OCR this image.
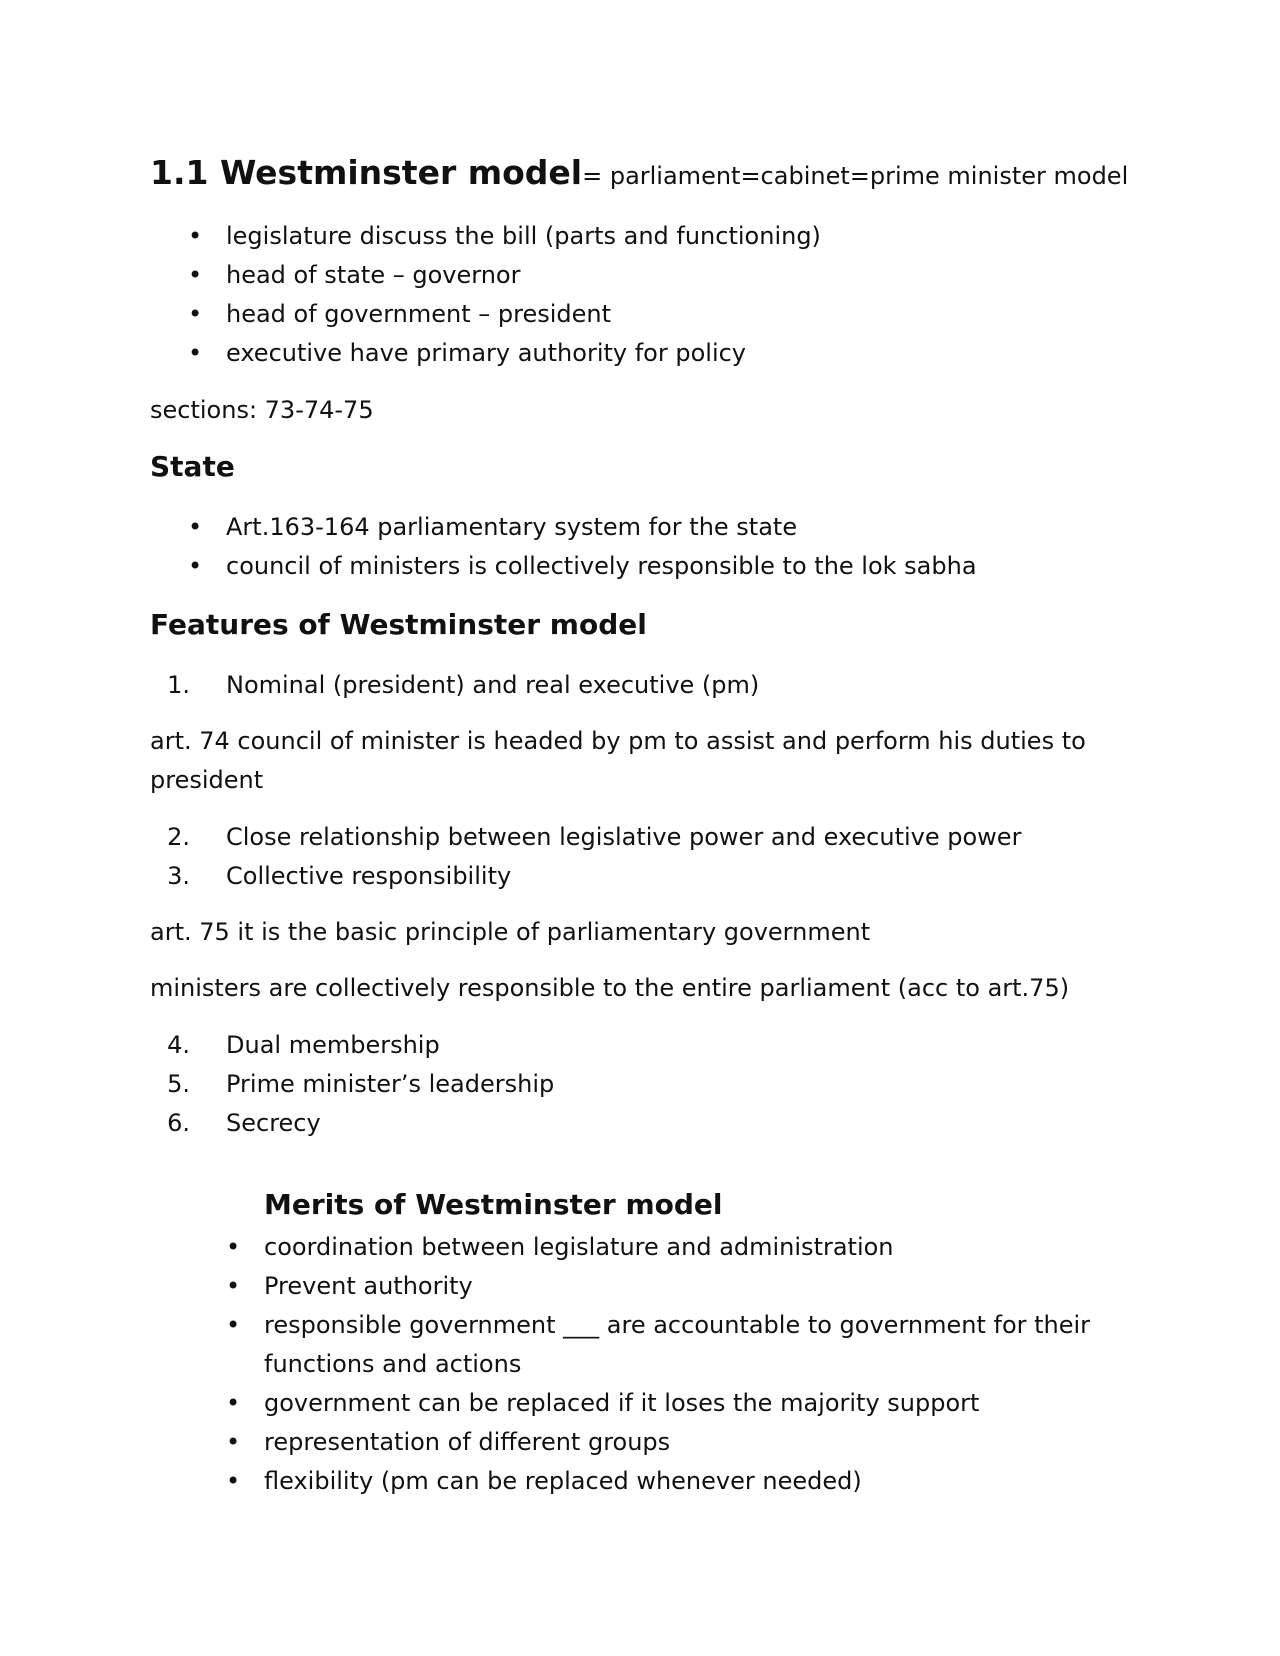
1.1 Westminster model= parliament=cabinet=prime minister model
• legislature discuss the bill (parts and functioning)
• head of state – governor
• head of government – president
• executive have primary authority for policy

sections: 73-74-75

State
• Art.163-164 parliamentary system for the state
• council of ministers is collectively responsible to the lok sabha
Features of Westminster model
1. Nominal (president) and real executive (pm)

art. 74 council of minister is headed by pm to assist and perform his duties to
president

2. Close relationship between legislative power and executive power
3. Collective responsibility

art. 75 it is the basic principle of parliamentary government

ministers are collectively responsible to the entire parliament (acc to art.75)

4. Dual membership
5. Prime minister’s leadership
6. Secrecy
Merits of Westminster model
• coordination between legislature and administration
• Prevent authority
• responsible government ___ are accountable to government for their functions and actions
• government can be replaced if it loses the majority support
• representation of different groups
• flexibility (pm can be replaced whenever needed)
